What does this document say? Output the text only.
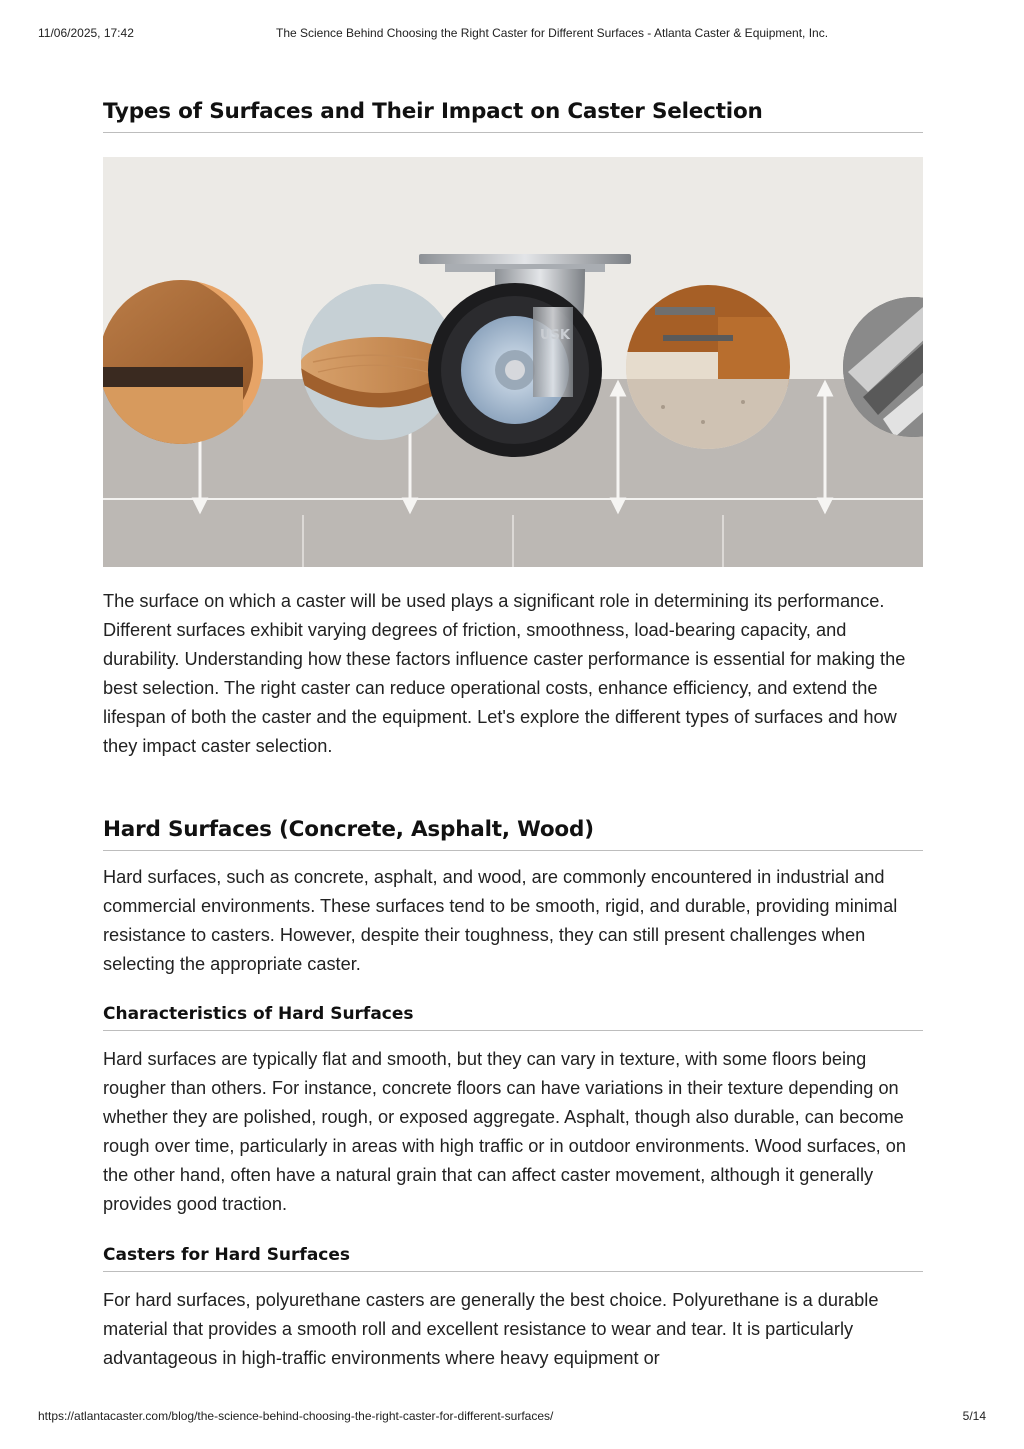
11/06/2025, 17:42	The Science Behind Choosing the Right Caster for Different Surfaces - Atlanta Caster & Equipment, Inc.
Types of Surfaces and Their Impact on Caster Selection
USK

The surface on which a caster will be used plays a significant role in determining its performance. Different surfaces exhibit varying degrees of friction, smoothness, load-bearing capacity, and durability. Understanding how these factors influence caster performance is essential for making the best selection. The right caster can reduce operational costs, enhance efficiency, and extend the lifespan of both the caster and the equipment. Let's explore the different types of surfaces and how they impact caster selection.

Hard Surfaces (Concrete, Asphalt, Wood)

Hard surfaces, such as concrete, asphalt, and wood, are commonly encountered in industrial and commercial environments. These surfaces tend to be smooth, rigid, and durable, providing minimal resistance to casters. However, despite their toughness, they can still present challenges when selecting the appropriate caster.

Characteristics of Hard Surfaces

Hard surfaces are typically flat and smooth, but they can vary in texture, with some floors being rougher than others. For instance, concrete floors can have variations in their texture depending on whether they are polished, rough, or exposed aggregate. Asphalt, though also durable, can become rough over time, particularly in areas with high traffic or in outdoor environments. Wood surfaces, on the other hand, often have a natural grain that can affect caster movement, although it generally provides good traction.

Casters for Hard Surfaces

For hard surfaces, polyurethane casters are generally the best choice. Polyurethane is a durable material that provides a smooth roll and excellent resistance to wear and tear. It is particularly advantageous in high-traffic environments where heavy equipment or

https://atlantacaster.com/blog/the-science-behind-choosing-the-right-caster-for-different-surfaces/	5/14
